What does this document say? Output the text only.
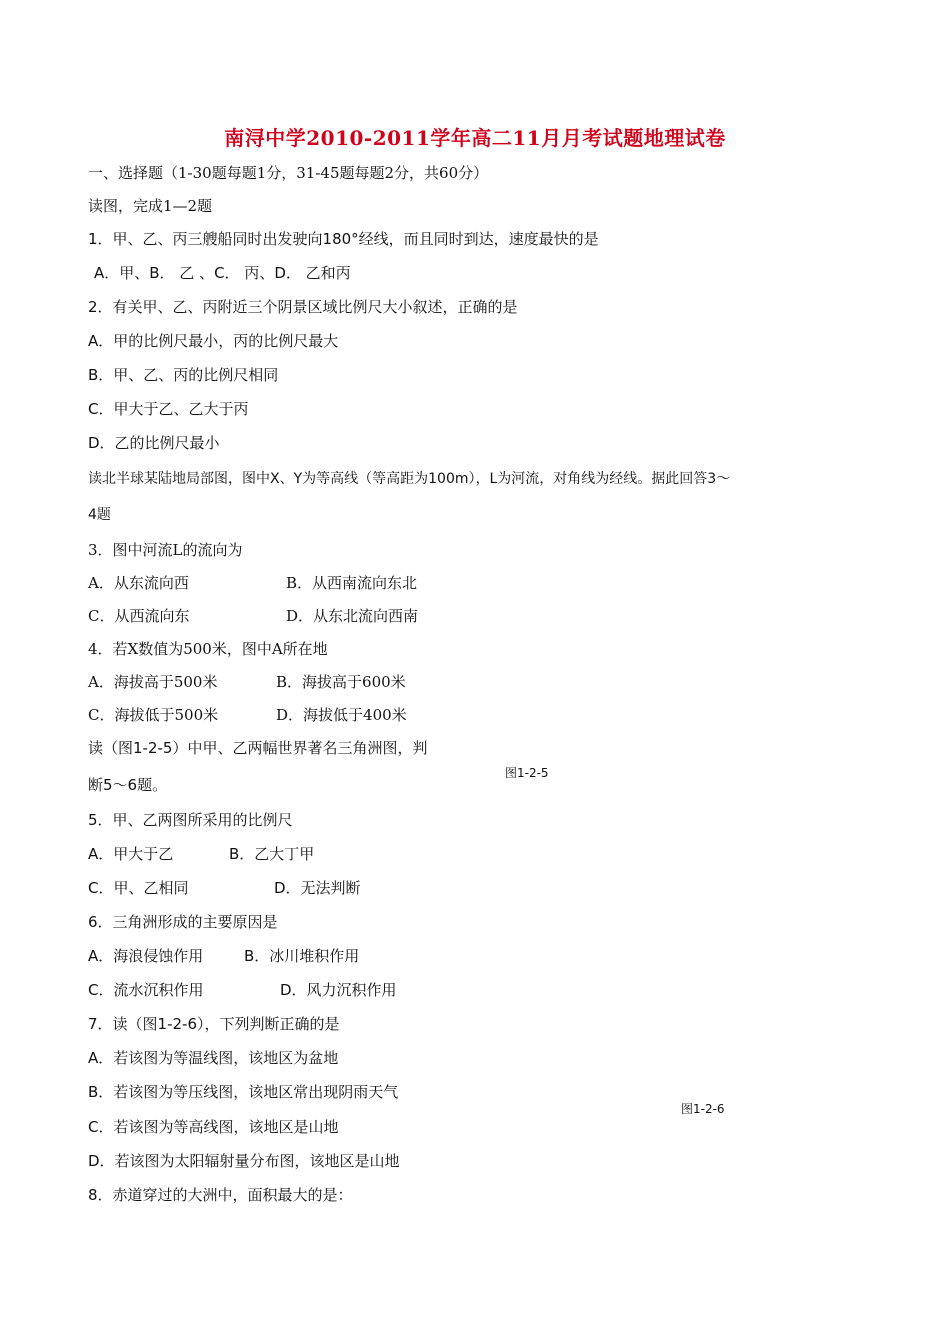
南浔中学2010-2011学年高二11月月考试题地理试卷
一、选择题（1-30题每题1分，31-45题每题2分，共60分）
读图，完成1—2题
1．甲、乙、丙三艘船同时出发驶向180°经线，而且同时到达，速度最快的是
A．甲、B． 乙 、C． 丙、D． 乙和丙
2．有关甲、乙、丙附近三个阴景区域比例尺大小叙述，正确的是
A．甲的比例尺最小，丙的比例尺最大
B．甲、乙、丙的比例尺相同
C．甲大于乙、乙大于丙
D．乙的比例尺最小
读北半球某陆地局部图，图中X、Y为等高线（等高距为100m），L为河流，对角线为经线。据此回答3～
4题
3．图中河流L的流向为
A．从东流向西	B．从西南流向东北
C．从西流向东	D．从东北流向西南
4．若X数值为500米，图中A所在地
A．海拔高于500米	B．海拔高于600米
C．海拔低于500米	D．海拔低于400米
读（图1-2-5）中甲、乙两幅世界著名三角洲图，判
图1-2-5
断5～6题。
5．甲、乙两图所采用的比例尺
A．甲大于乙	B．乙大丁甲
C．甲、乙相同	D．无法判断
6．三角洲形成的主要原因是
A．海浪侵蚀作用	B．冰川堆积作用
C．流水沉积作用	D．风力沉积作用
7．读（图1-2-6），下列判断正确的是
A．若该图为等温线图，该地区为盆地
B．若该图为等压线图，该地区常出现阴雨天气
图1-2-6
C．若该图为等高线图，该地区是山地
D．若该图为太阳辐射量分布图，该地区是山地
8．赤道穿过的大洲中，面积最大的是：
